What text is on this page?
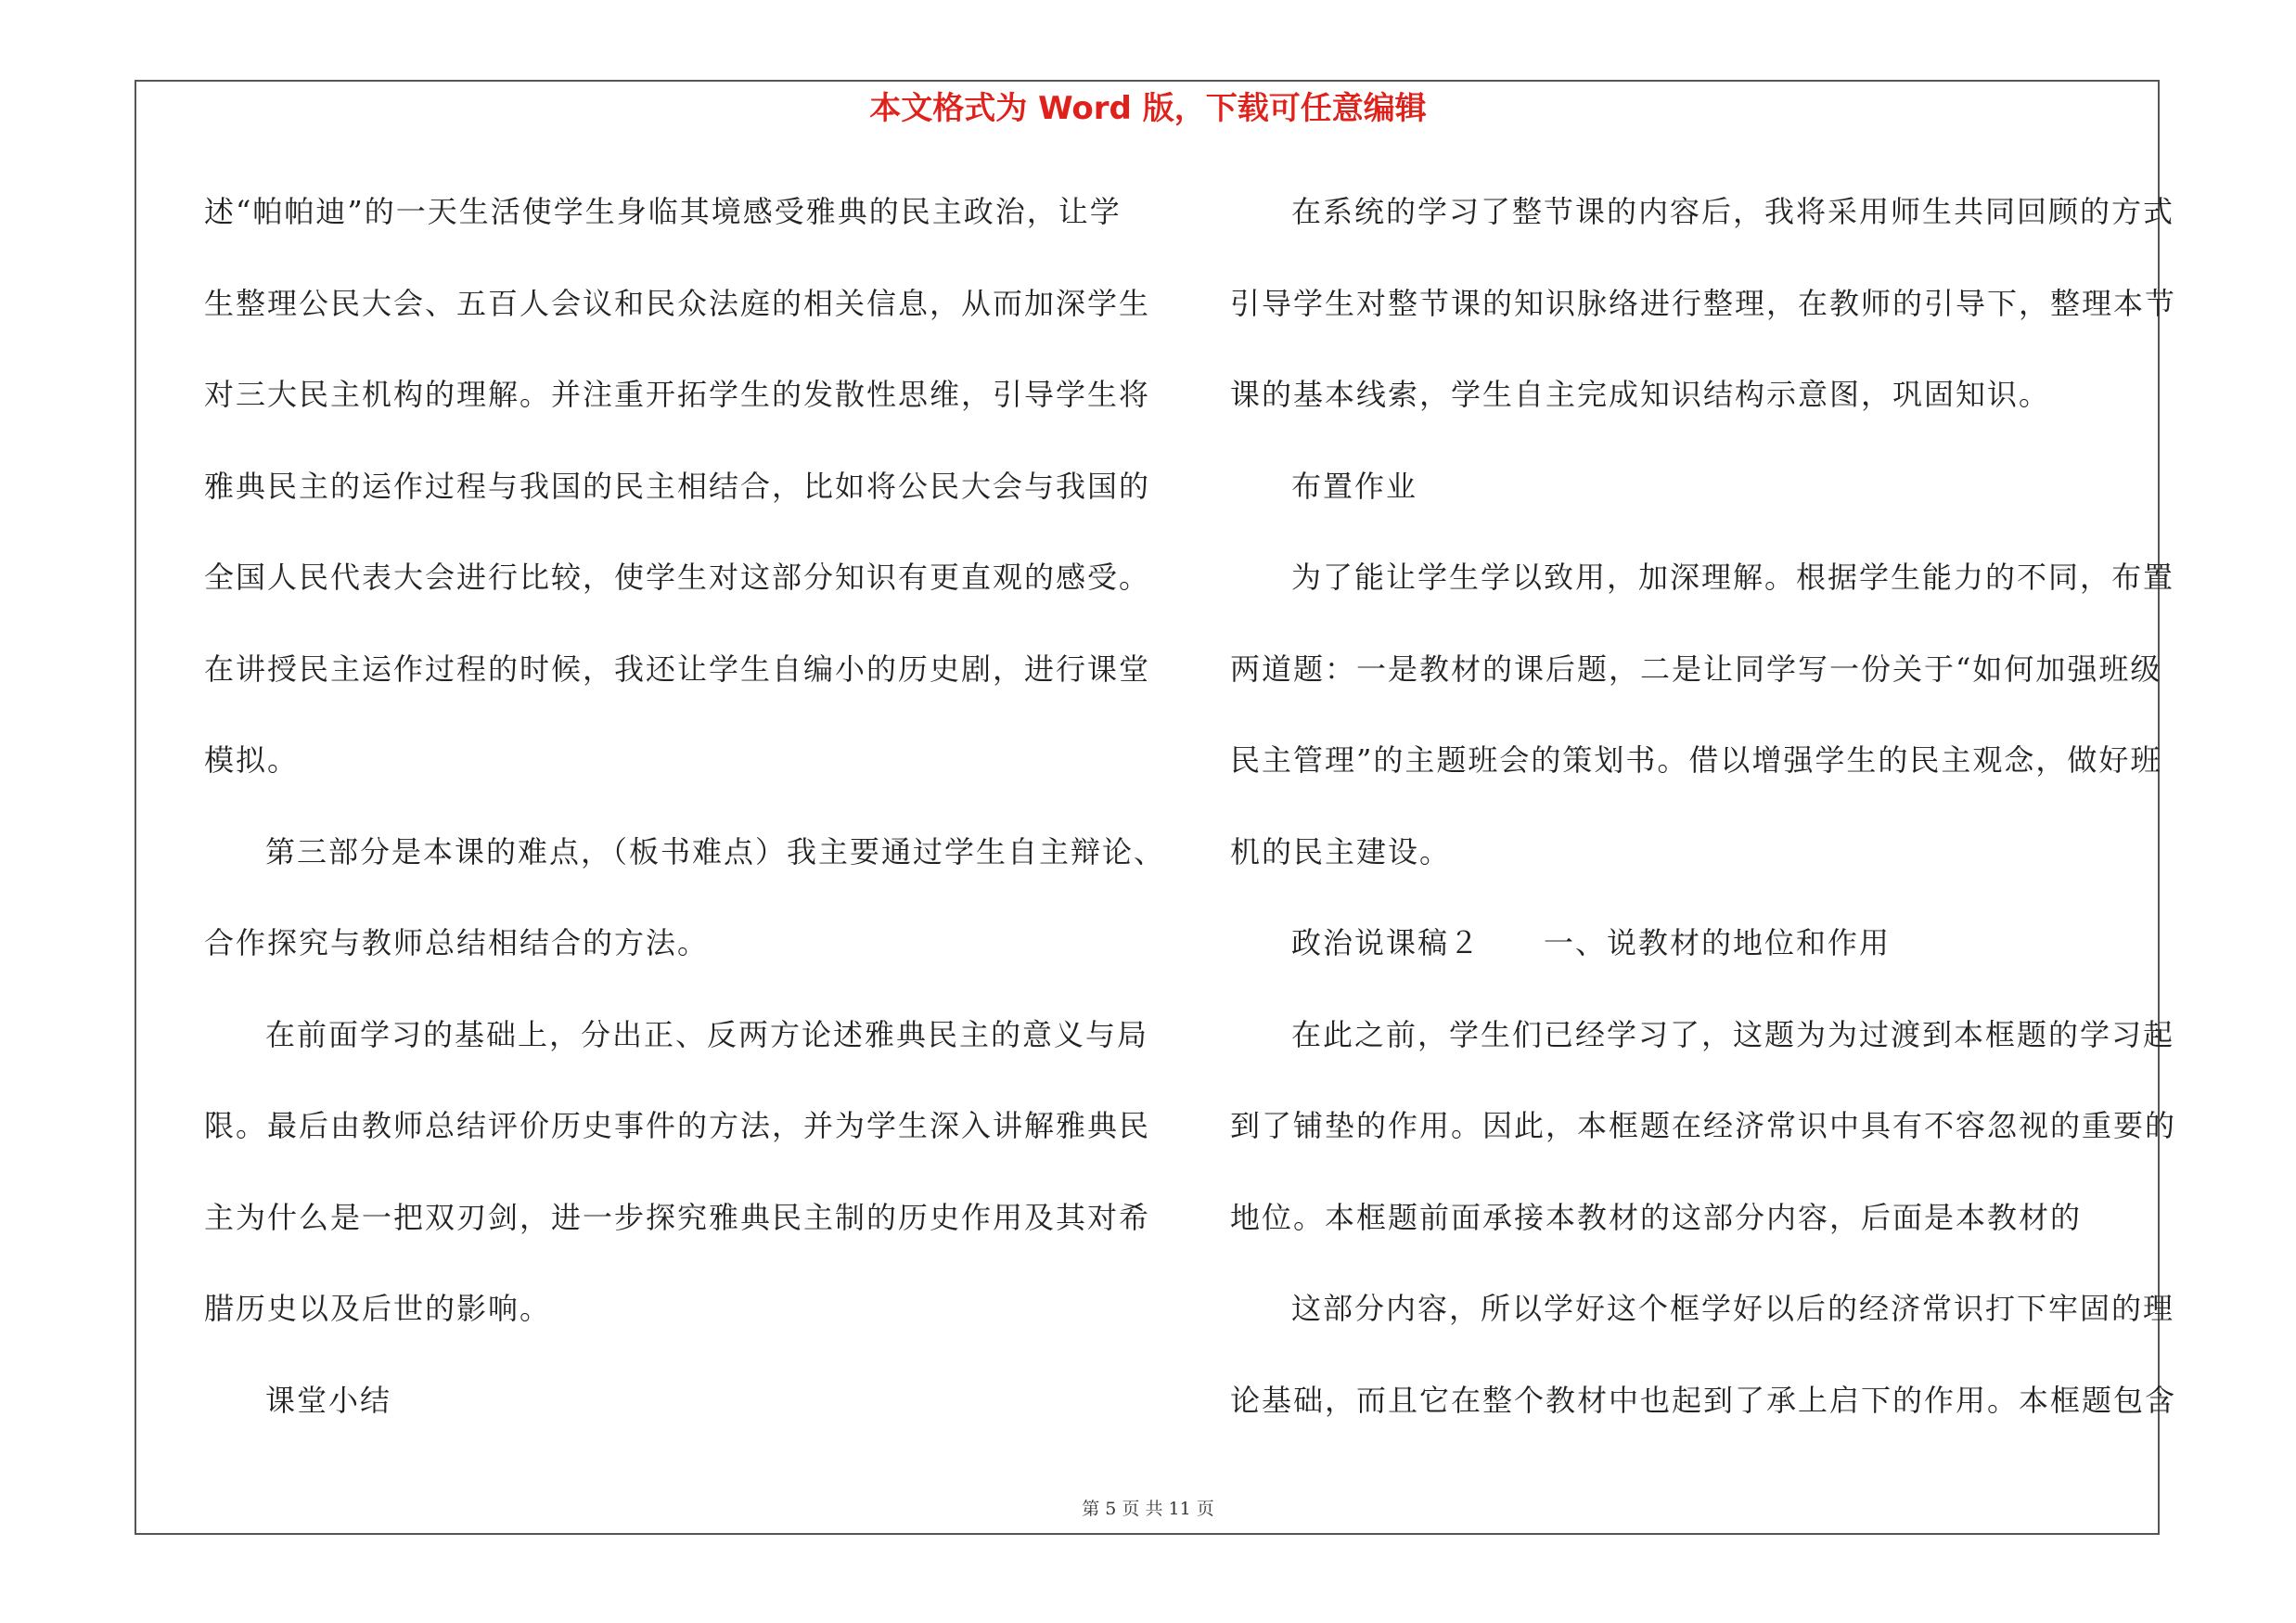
本文格式为 Word 版，下载可任意编辑
述“帕帕迪”的一天生活使学生身临其境感受雅典的民主政治，让学
生整理公民大会、五百人会议和民众法庭的相关信息，从而加深学生
对三大民主机构的理解。并注重开拓学生的发散性思维，引导学生将
雅典民主的运作过程与我国的民主相结合，比如将公民大会与我国的
全国人民代表大会进行比较，使学生对这部分知识有更直观的感受。
在讲授民主运作过程的时候，我还让学生自编小的历史剧，进行课堂
模拟。
第三部分是本课的难点，（板书难点）我主要通过学生自主辩论、
合作探究与教师总结相结合的方法。
在前面学习的基础上，分出正、反两方论述雅典民主的意义与局
限。最后由教师总结评价历史事件的方法，并为学生深入讲解雅典民
主为什么是一把双刃剑，进一步探究雅典民主制的历史作用及其对希
腊历史以及后世的影响。
课堂小结
在系统的学习了整节课的内容后，我将采用师生共同回顾的方式
引导学生对整节课的知识脉络进行整理，在教师的引导下，整理本节
课的基本线索，学生自主完成知识结构示意图，巩固知识。
布置作业
为了能让学生学以致用，加深理解。根据学生能力的不同，布置
两道题：一是教材的课后题，二是让同学写一份关于“如何加强班级
民主管理”的主题班会的策划书。借以增强学生的民主观念，做好班
机的民主建设。
政治说课稿２　　一、说教材的地位和作用
在此之前，学生们已经学习了，这题为为过渡到本框题的学习起
到了铺垫的作用。因此，本框题在经济常识中具有不容忽视的重要的
地位。本框题前面承接本教材的这部分内容，后面是本教材的
这部分内容，所以学好这个框学好以后的经济常识打下牢固的理
论基础，而且它在整个教材中也起到了承上启下的作用。本框题包含
第 5 页 共 11 页
